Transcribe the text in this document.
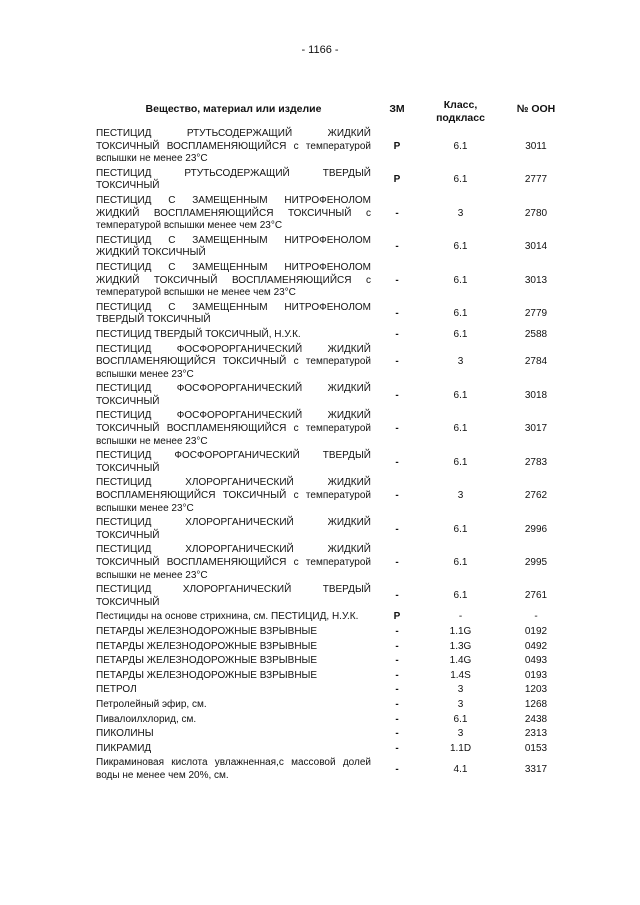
- 1166 -
Вещество, материал или изделие	ЗМ	Класс, подкласс	№ ООН
ПЕСТИЦИД РТУТЬСОДЕРЖАЩИЙ ЖИДКИЙ ТОКСИЧНЫЙ ВОСПЛАМЕНЯЮЩИЙСЯ с температурой вспышки не менее 23°С	P	6.1	3011
ПЕСТИЦИД РТУТЬСОДЕРЖАЩИЙ ТВЕРДЫЙ ТОКСИЧНЫЙ	P	6.1	2777
ПЕСТИЦИД С ЗАМЕЩЕННЫМ НИТРОФЕНОЛОМ ЖИДКИЙ ВОСПЛАМЕНЯЮЩИЙСЯ ТОКСИЧНЫЙ с температурой вспышки менее чем 23°С	-	3	2780
ПЕСТИЦИД С ЗАМЕЩЕННЫМ НИТРОФЕНОЛОМ ЖИДКИЙ ТОКСИЧНЫЙ	-	6.1	3014
ПЕСТИЦИД С ЗАМЕЩЕННЫМ НИТРОФЕНОЛОМ ЖИДКИЙ ТОКСИЧНЫЙ ВОСПЛАМЕНЯЮЩИЙСЯ с температурой вспышки не менее чем 23°С	-	6.1	3013
ПЕСТИЦИД С ЗАМЕЩЕННЫМ НИТРОФЕНОЛОМ ТВЕРДЫЙ ТОКСИЧНЫЙ	-	6.1	2779
ПЕСТИЦИД ТВЕРДЫЙ ТОКСИЧНЫЙ, Н.У.К.	-	6.1	2588
ПЕСТИЦИД ФОСФОРОРГАНИЧЕСКИЙ ЖИДКИЙ ВОСПЛАМЕНЯЮЩИЙСЯ ТОКСИЧНЫЙ с температурой вспышки менее 23°С	-	3	2784
ПЕСТИЦИД ФОСФОРОРГАНИЧЕСКИЙ ЖИДКИЙ ТОКСИЧНЫЙ	-	6.1	3018
ПЕСТИЦИД ФОСФОРОРГАНИЧЕСКИЙ ЖИДКИЙ ТОКСИЧНЫЙ ВОСПЛАМЕНЯЮЩИЙСЯ с температурой вспышки не менее 23°С	-	6.1	3017
ПЕСТИЦИД ФОСФОРОРГАНИЧЕСКИЙ ТВЕРДЫЙ ТОКСИЧНЫЙ	-	6.1	2783
ПЕСТИЦИД ХЛОРОРГАНИЧЕСКИЙ ЖИДКИЙ ВОСПЛАМЕНЯЮЩИЙСЯ ТОКСИЧНЫЙ с температурой вспышки менее 23°С	-	3	2762
ПЕСТИЦИД ХЛОРОРГАНИЧЕСКИЙ ЖИДКИЙ ТОКСИЧНЫЙ	-	6.1	2996
ПЕСТИЦИД ХЛОРОРГАНИЧЕСКИЙ ЖИДКИЙ ТОКСИЧНЫЙ ВОСПЛАМЕНЯЮЩИЙСЯ с температурой вспышки не менее 23°С	-	6.1	2995
ПЕСТИЦИД ХЛОРОРГАНИЧЕСКИЙ ТВЕРДЫЙ ТОКСИЧНЫЙ	-	6.1	2761
Пестициды на основе стрихнина, см. ПЕСТИЦИД, Н.У.К.	P	-	-
ПЕТАРДЫ ЖЕЛЕЗНОДОРОЖНЫЕ ВЗРЫВНЫЕ	-	1.1G	0192
ПЕТАРДЫ ЖЕЛЕЗНОДОРОЖНЫЕ ВЗРЫВНЫЕ	-	1.3G	0492
ПЕТАРДЫ ЖЕЛЕЗНОДОРОЖНЫЕ ВЗРЫВНЫЕ	-	1.4G	0493
ПЕТАРДЫ ЖЕЛЕЗНОДОРОЖНЫЕ ВЗРЫВНЫЕ	-	1.4S	0193
ПЕТРОЛ	-	3	1203
Петролейный эфир, см.	-	3	1268
Пивалоилхлорид, см.	-	6.1	2438
ПИКОЛИНЫ	-	3	2313
ПИКРАМИД	-	1.1D	0153
Пикраминовая кислота увлажненная,с массовой долей воды не менее чем 20%, см.	-	4.1	3317
